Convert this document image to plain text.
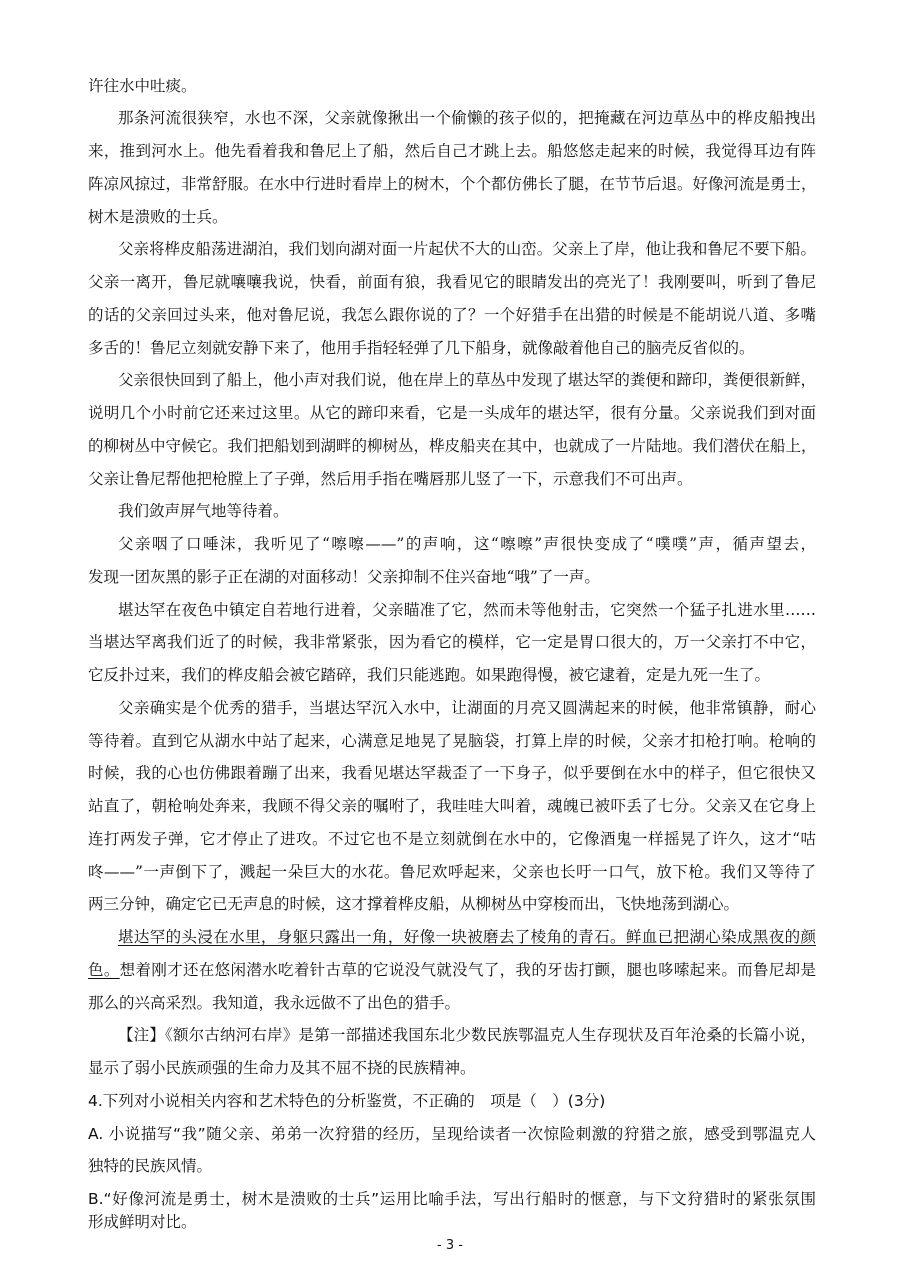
许往水中吐痰。
那条河流很狭窄，水也不深，父亲就像揪出一个偷懒的孩子似的，把掩藏在河边草丛中的桦皮船拽出
来，推到河水上。他先看着我和鲁尼上了船，然后自己才跳上去。船悠悠走起来的时候，我觉得耳边有阵
阵凉风掠过，非常舒服。在水中行进时看岸上的树木，个个都仿佛长了腿，在节节后退。好像河流是勇士，
树木是溃败的士兵。
父亲将桦皮船荡进湖泊，我们划向湖对面一片起伏不大的山峦。父亲上了岸，他让我和鲁尼不要下船。
父亲一离开，鲁尼就嚷嚷我说，快看，前面有狼，我看见它的眼睛发出的亮光了！我刚要叫，听到了鲁尼
的话的父亲回过头来，他对鲁尼说，我怎么跟你说的了？一个好猎手在出猎的时候是不能胡说八道、多嘴
多舌的！鲁尼立刻就安静下来了，他用手指轻轻弹了几下船身，就像敲着他自己的脑壳反省似的。
父亲很快回到了船上，他小声对我们说，他在岸上的草丛中发现了堪达罕的粪便和蹄印，粪便很新鲜，
说明几个小时前它还来过这里。从它的蹄印来看，它是一头成年的堪达罕，很有分量。父亲说我们到对面
的柳树丛中守候它。我们把船划到湖畔的柳树丛，桦皮船夹在其中，也就成了一片陆地。我们潜伏在船上，
父亲让鲁尼帮他把枪膛上了子弹，然后用手指在嘴唇那儿竖了一下，示意我们不可出声。
我们敛声屏气地等待着。
父亲咽了口唾沫，我听见了“嚓嚓——”的声响，这“嚓嚓”声很快变成了“噗噗”声，循声望去，
发现一团灰黑的影子正在湖的对面移动！父亲抑制不住兴奋地“哦”了一声。
堪达罕在夜色中镇定自若地行进着，父亲瞄准了它，然而未等他射击，它突然一个猛子扎进水里……
当堪达罕离我们近了的时候，我非常紧张，因为看它的模样，它一定是胃口很大的，万一父亲打不中它，
它反扑过来，我们的桦皮船会被它踏碎，我们只能逃跑。如果跑得慢，被它逮着，定是九死一生了。
父亲确实是个优秀的猎手，当堪达罕沉入水中，让湖面的月亮又圆满起来的时候，他非常镇静，耐心
等待着。直到它从湖水中站了起来，心满意足地晃了晃脑袋，打算上岸的时候，父亲才扣枪打响。枪响的
时候，我的心也仿佛跟着蹦了出来，我看见堪达罕裁歪了一下身子，似乎要倒在水中的样子，但它很快又
站直了，朝枪响处奔来，我顾不得父亲的嘱咐了，我哇哇大叫着，魂魄已被吓丢了七分。父亲又在它身上
连打两发子弹，它才停止了进攻。不过它也不是立刻就倒在水中的，它像酒鬼一样摇晃了许久，这才“咕
咚——”一声倒下了，溅起一朵巨大的水花。鲁尼欢呼起来，父亲也长吁一口气，放下枪。我们又等待了
两三分钟，确定它已无声息的时候，这才撑着桦皮船，从柳树丛中穿梭而出，飞快地荡到湖心。
堪达罕的头浸在水里，身躯只露出一角，好像一块被磨去了棱角的青石。鲜血已把湖心染成黑夜的颜
色。想着刚才还在悠闲潜水吃着针古草的它说没气就没气了，我的牙齿打颤，腿也哆嗦起来。而鲁尼却是
那么的兴高采烈。我知道，我永远做不了出色的猎手。
【注】《额尔古纳河右岸》是第一部描述我国东北少数民族鄂温克人生存现状及百年沧桑的长篇小说，
显示了弱小民族顽强的生命力及其不屈不挠的民族精神。
4.下列对小说相关内容和艺术特色的分析鉴赏，不正确的　项是（　）(3分)
A. 小说描写“我”随父亲、弟弟一次狩猎的经历，呈现给读者一次惊险刺激的狩猎之旅，感受到鄂温克人
独特的民族风情。
B.“好像河流是勇士，树木是溃败的士兵”运用比喻手法，写出行船时的惬意，与下文狩猎时的紧张氛围
形成鲜明对比。
- 3 -
